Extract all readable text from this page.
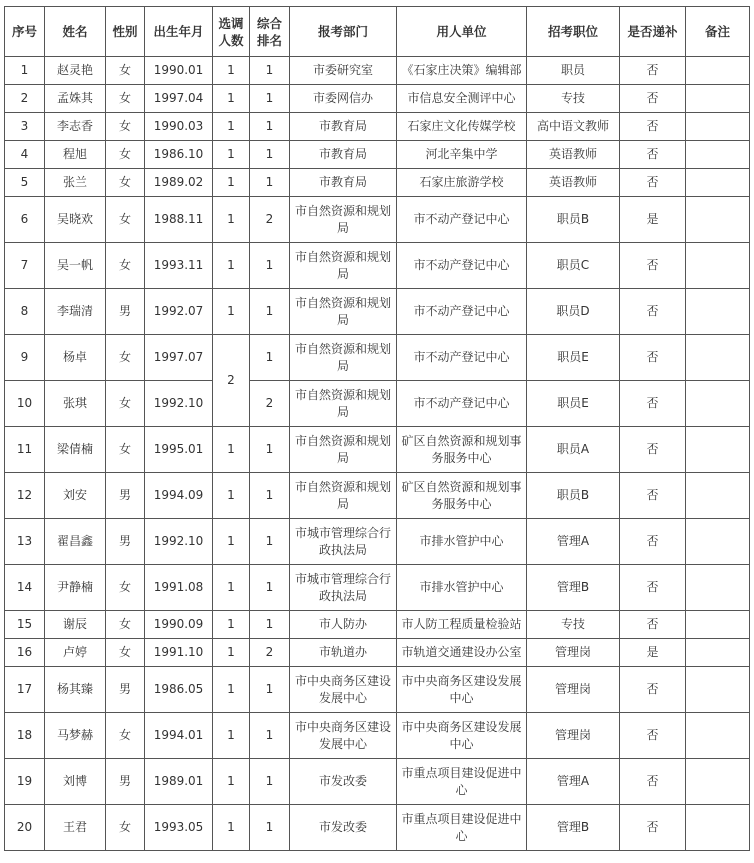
序号	姓名	性别	出生年月	选调人数	综合排名	报考部门	用人单位	招考职位	是否递补	备注
1	赵灵艳	女	1990.01	1	1	市委研究室	《石家庄决策》编辑部	职员	否	
2	孟姝其	女	1997.04	1	1	市委网信办	市信息安全测评中心	专技	否	
3	李志香	女	1990.03	1	1	市教育局	石家庄文化传媒学校	高中语文教师	否	
4	程旭	女	1986.10	1	1	市教育局	河北辛集中学	英语教师	否	
5	张兰	女	1989.02	1	1	市教育局	石家庄旅游学校	英语教师	否	
6	吴晓欢	女	1988.11	1	2	市自然资源和规划局	市不动产登记中心	职员B	是	
7	吴一帆	女	1993.11	1	1	市自然资源和规划局	市不动产登记中心	职员C	否	
8	李瑞清	男	1992.07	1	1	市自然资源和规划局	市不动产登记中心	职员D	否	
9	杨卓	女	1997.07	2	1	市自然资源和规划局	市不动产登记中心	职员E	否	
10	张琪	女	1992.10		2	市自然资源和规划局	市不动产登记中心	职员E	否	
11	梁倩楠	女	1995.01	1	1	市自然资源和规划局	矿区自然资源和规划事务服务中心	职员A	否	
12	刘安	男	1994.09	1	1	市自然资源和规划局	矿区自然资源和规划事务服务中心	职员B	否	
13	翟昌鑫	男	1992.10	1	1	市城市管理综合行政执法局	市排水管护中心	管理A	否	
14	尹静楠	女	1991.08	1	1	市城市管理综合行政执法局	市排水管护中心	管理B	否	
15	谢辰	女	1990.09	1	1	市人防办	市人防工程质量检验站	专技	否	
16	卢婷	女	1991.10	1	2	市轨道办	市轨道交通建设办公室	管理岗	是	
17	杨其臻	男	1986.05	1	1	市中央商务区建设发展中心	市中央商务区建设发展中心	管理岗	否	
18	马梦赫	女	1994.01	1	1	市中央商务区建设发展中心	市中央商务区建设发展中心	管理岗	否	
19	刘博	男	1989.01	1	1	市发改委	市重点项目建设促进中心	管理A	否	
20	王君	女	1993.05	1	1	市发改委	市重点项目建设促进中心	管理B	否	
